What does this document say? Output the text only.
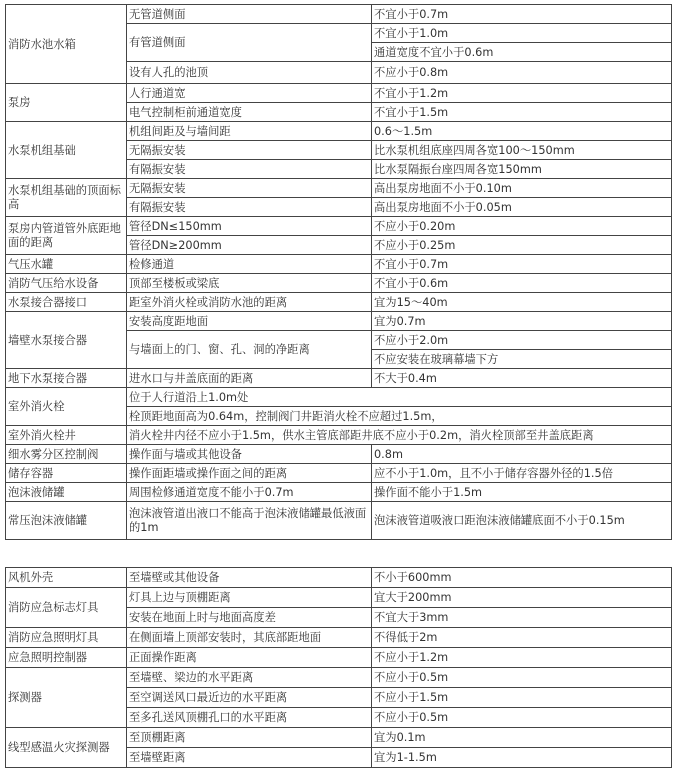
消防水池水箱	无管道侧面	不宜小于0.7m
	有管道侧面	不宜小于1.0m
		通道宽度不宜小于0.6m
	设有人孔的池顶	不应小于0.8m
泵房	人行通道宽	不宜小于1.2m
	电气控制柜前通道宽度	不宜小于1.5m
水泵机组基础	机组间距及与墙间距	0.6～1.5m
	无隔振安装	比水泵机组底座四周各宽100～150mm
	有隔振安装	比水泵隔振台座四周各宽150mm
水泵机组基础的顶面标高	无隔振安装	高出泵房地面不小于0.10m
	有隔振安装	高出泵房地面不小于0.05m
泵房内管道管外底距地面的距离	管径DN≤150mm	不应小于0.20m
	管径DN≥200mm	不应小于0.25m
气压水罐	检修通道	不宜小于0.7m
消防气压给水设备	顶部至楼板或梁底	不宜小于0.6m
水泵接合器接口	距室外消火栓或消防水池的距离	宜为15～40m
墙壁水泵接合器	安装高度距地面	宜为0.7m
	与墙面上的门、窗、孔、洞的净距离	不应小于2.0m
		不应安装在玻璃幕墙下方
地下水泵接合器	进水口与井盖底面的距离	不大于0.4m
室外消火栓	位于人行道沿上1.0m处	
	栓顶距地面高为0.64m，控制阀门井距消火栓不应超过1.5m，	
室外消火栓井	消火栓井内径不应小于1.5m，供水主管底部距井底不应小于0.2m，消火栓顶部至井盖底距离	
细水雾分区控制阀	操作面与墙或其他设备	0.8m
储存容器	操作面距墙或操作面之间的距离	应不小于1.0m，且不小于储存容器外径的1.5倍
泡沫液储罐	周围检修通道宽度不能小于0.7m	操作面不能小于1.5m
常压泡沫液储罐	泡沫液管道出液口不能高于泡沫液储罐最低液面的1m	泡沫液管道吸液口距泡沫液储罐底面不小于0.15m
风机外壳	至墙壁或其他设备	不小于600mm
消防应急标志灯具	灯具上边与顶棚距离	宜大于200mm
	安装在地面上时与地面高度差	不宜大于3mm
消防应急照明灯具	在侧面墙上顶部安装时，其底部距地面	不得低于2m
应急照明控制器	正面操作距离	不应小于1.2m
探测器	至墙壁、梁边的水平距离	不应小于0.5m
	至空调送风口最近边的水平距离	不应小于1.5m
	至多孔送风顶棚孔口的水平距离	不应小于0.5m
线型感温火灾探测器	至顶棚距离	宜为0.1m
	至墙壁距离	宜为1-1.5m
